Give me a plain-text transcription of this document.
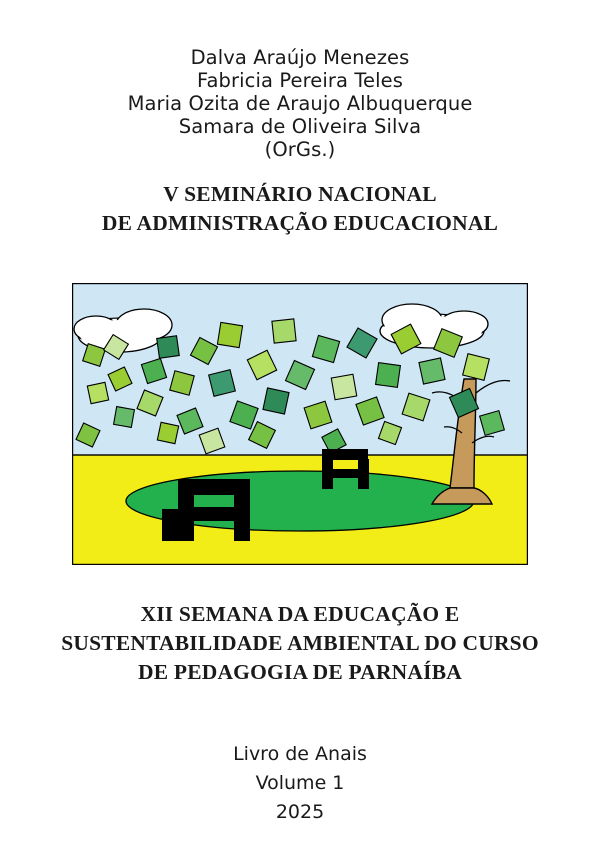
Dalva Araújo Menezes
Fabricia Pereira Teles
Maria Ozita de Araujo Albuquerque
Samara de Oliveira Silva
(OrGs.)
V SEMINÁRIO NACIONAL
DE ADMINISTRAÇÃO EDUCACIONAL
XII SEMANA DA EDUCAÇÃO E
SUSTENTABILIDADE AMBIENTAL DO CURSO
DE PEDAGOGIA DE PARNAÍBA
Livro de Anais
Volume 1
2025
